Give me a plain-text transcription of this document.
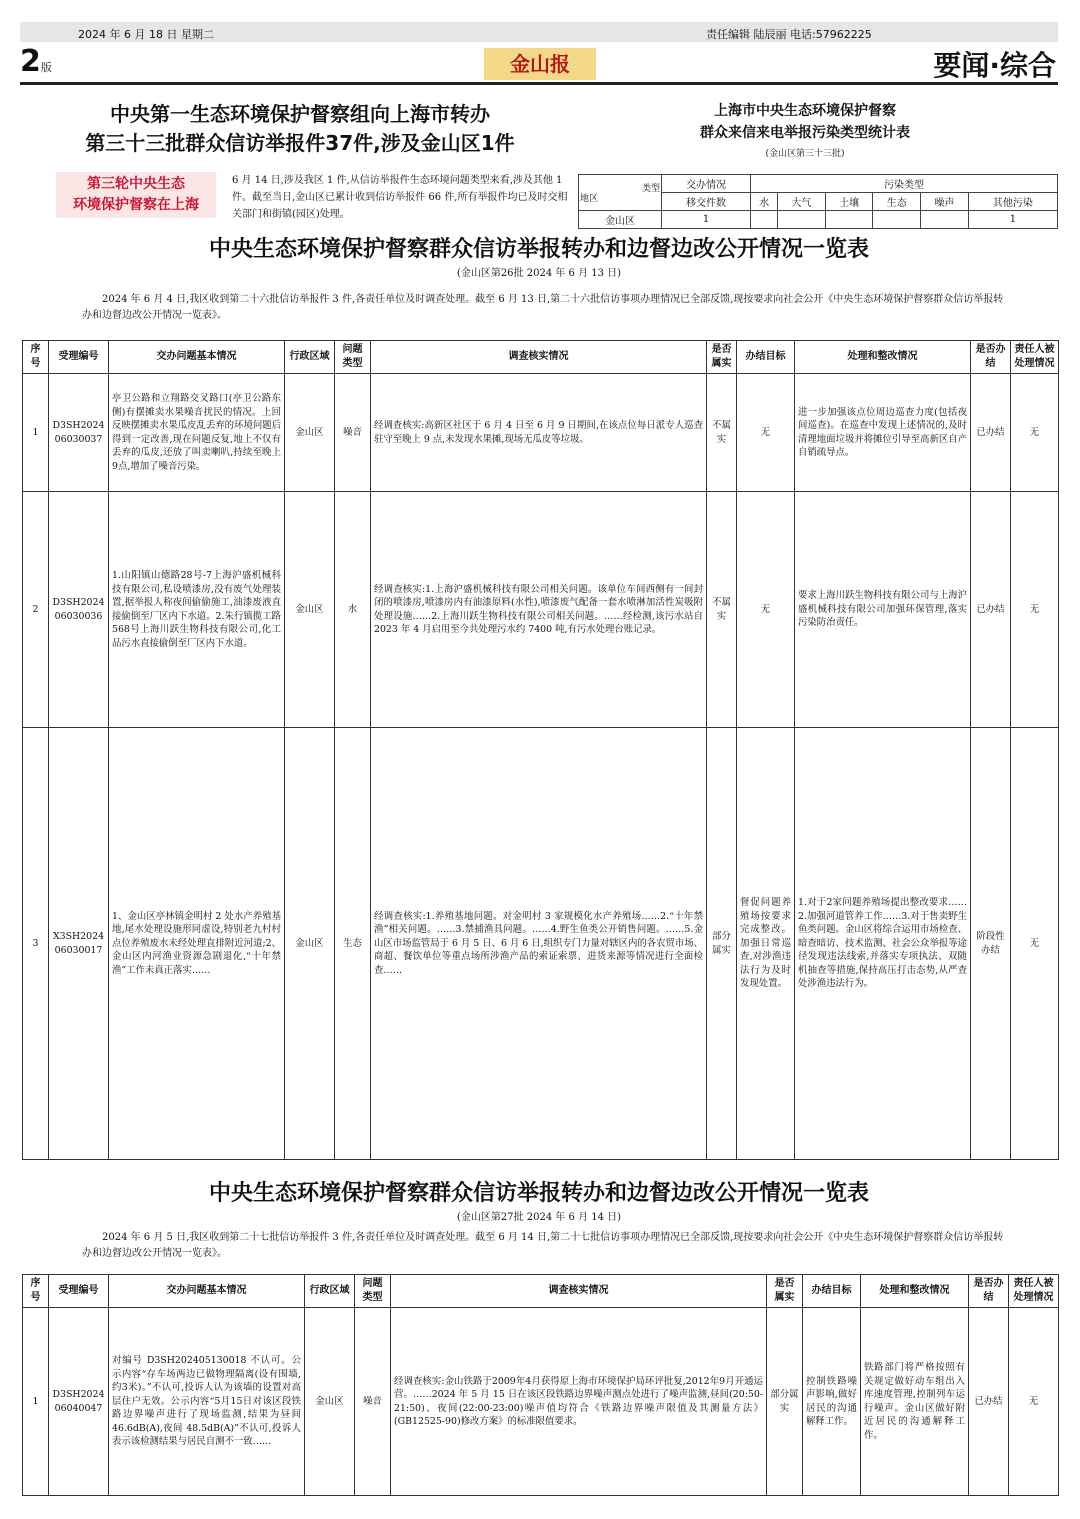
2024 年 6 月 18 日 星期二	责任编辑 陆辰丽 电话:57962225
2版	金山报	要闻·综合
中央第一生态环境保护督察组向上海市转办
第三十三批群众信访举报件37件,涉及金山区1件
第三轮中央生态
环境保护督察在上海
6 月 14 日,涉及我区 1 件,从信访举报件生态环境问题类型来看,涉及其他 1 件。截至当日,金山区已累计收到信访举报件 66 件,所有举报件均已及时交相关部门和街镇(园区)处理。
上海市中央生态环境保护督察
群众来信来电举报污染类型统计表
(金山区第三十三批)
类型

地区	交办情况	污染类型					
	移交件数	水	大气	土壤	生态	噪声	其他污染
金山区	1						1
中央生态环境保护督察群众信访举报转办和边督边改公开情况一览表
(金山区第26批 2024 年 6 月 13 日)
2024 年 6 月 4 日,我区收到第二十六批信访举报件 3 件,各责任单位及时调查处理。截至 6 月 13 日,第二十六批信访事项办理情况已全部反馈,现按要求向社会公开《中央生态环境保护督察群众信访举报转办和边督边改公开情况一览表》。
序号	受理编号	交办问题基本情况	行政区域	问题类型	调查核实情况	是否属实	办结目标	处理和整改情况	是否办结	责任人被处理情况
1	D3SH2024 06030037	亭卫公路和立翔路交叉路口(亭卫公路东侧)有摆摊卖水果噪音扰民的情况。上回反映摆摊卖水果瓜皮乱丢弃的环境问题后得到一定改善,现在问题反复,地上不仅有丢弃的瓜皮,还放了叫卖喇叭,持续至晚上9点,增加了噪音污染。	金山区	噪音	经调查核实:高新区社区于 6 月 4 日至 6 月 9 日期间,在该点位每日派专人巡查驻守至晚上 9 点,未发现水果摊,现场无瓜皮等垃圾。	不属实	无	进一步加强该点位周边巡查力度(包括夜间巡查)。在巡查中发现上述情况的,及时清理地面垃圾并将摊位引导至高新区自产自销疏导点。	已办结	无
2	D3SH2024 06030036	1.山阳镇山德路28号-7上海沪盛机械科技有限公司,私设喷漆房,没有废气处理装置,据举报人称夜间偷偷施工,油漆废液直接偷倒至厂区内下水道。2.朱行镇揽工路568号上海川跃生物科技有限公司,化工品污水直接偷倒至厂区内下水道。	金山区	水	经调查核实:1.上海沪盛机械科技有限公司相关问题。该单位车间西侧有一间封闭的喷漆房,喷漆房内有油漆原料(水性),喷漆废气配备一套水喷淋加活性炭吸附处理设施……2.上海川跃生物科技有限公司相关问题。……经检测,该污水站自 2023 年 4 月启用至今共处理污水约 7400 吨,有污水处理台账记录。	不属实	无	要求上海川跃生物科技有限公司与上海沪盛机械科技有限公司加强环保管理,落实污染防治责任。	已办结	无
3	X3SH2024 06030017	1、金山区亭林镇金明村 2 处水产养殖基地,尾水处理设施形同虚设,特别老九村村点位养殖废水未经处理直排附近河道;2、金山区内河渔业资源急剧退化,“十年禁渔”工作未真正落实……	金山区	生态	经调查核实:1.养殖基地问题。对金明村 3 家规模化水产养殖场……2.“十年禁渔”相关问题。……3.禁捕渔具问题。……4.野生鱼类公开销售问题。……5.金山区市场监管局于 6 月 5 日、6 月 6 日,组织专门力量对辖区内的各农贸市场、商超、餐饮单位等重点场所涉渔产品的索证索票、进货来源等情况进行全面检查……	部分属实	督促问题养殖场按要求完成整改。加强日常巡查,对涉渔违法行为及时发现处置。	1.对于2家问题养殖场提出整改要求……2.加强河道管养工作……3.对于售卖野生鱼类问题。金山区将综合运用市场检查、暗查暗访、技术监测、社会公众举报等途径发现违法线索,并落实专项执法、双随机抽查等措施,保持高压打击态势,从严查处涉渔违法行为。	阶段性办结	无
中央生态环境保护督察群众信访举报转办和边督边改公开情况一览表
(金山区第27批 2024 年 6 月 14 日)
2024 年 6 月 5 日,我区收到第二十七批信访举报件 3 件,各责任单位及时调查处理。截至 6 月 14 日,第二十七批信访事项办理情况已全部反馈,现按要求向社会公开《中央生态环境保护督察群众信访举报转办和边督边改公开情况一览表》。
序号	受理编号	交办问题基本情况	行政区域	问题类型	调查核实情况	是否属实	办结目标	处理和整改情况	是否办结	责任人被处理情况
1	D3SH2024 06040047	对编号 D3SH202405130018 不认可。公示内容“存车场两边已做物理隔离(设有围墙,约3米)。”不认可,投诉人认为该墙的设置对高层住户无效。公示内容“5月15日对该区段铁路边界噪声进行了现场监测,结果为昼间 46.6dB(A),夜间 48.5dB(A)”不认可,投诉人表示该检测结果与居民自测不一致……	金山区	噪音	经调查核实:金山铁路于2009年4月获得原上海市环境保护局环评批复,2012年9月开通运营。……2024 年 5 月 15 日在该区段铁路边界噪声测点处进行了噪声监测,昼间(20:50-21:50)、夜间(22:00-23:00)噪声值均符合《铁路边界噪声限值及其测量方法》(GB12525-90)修改方案》的标准限值要求。	部分属实	控制铁路噪声影响,做好居民的沟通解释工作。	铁路部门将严格按照有关规定做好动车组出入库速度管理,控制列车运行噪声。金山区做好附近居民的沟通解释工作。	已办结	无
